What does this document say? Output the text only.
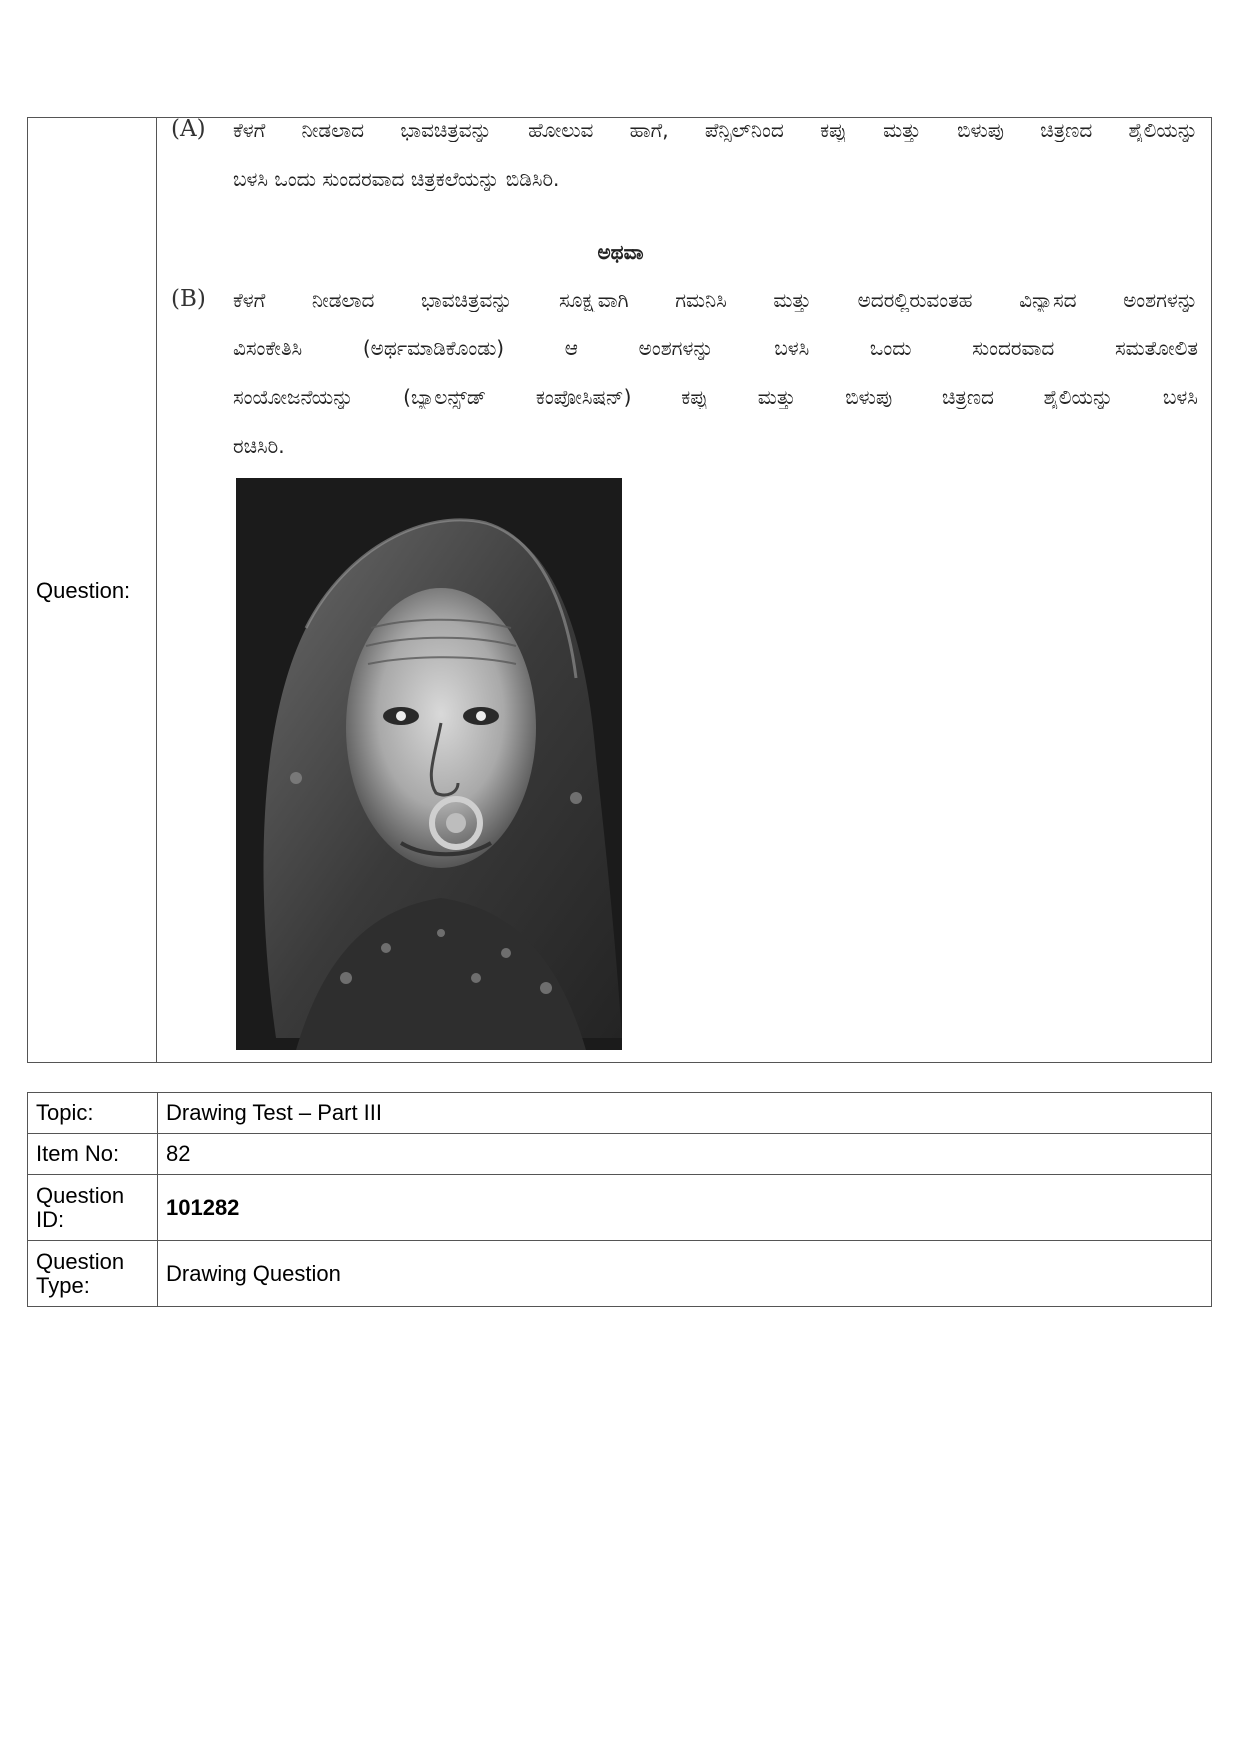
Question:
(A) ಕೆಳಗೆ ನೀಡಲಾದ ಭಾವಚಿತ್ರವನ್ನು ಹೋಲುವ ಹಾಗೆ, ಪೆನ್ಸಿಲ್‌ನಿಂದ ಕಪ್ಪು ಮತ್ತು ಬಿಳುಪು ಚಿತ್ರಣದ ಶೈಲಿಯನ್ನು
ಬಳಸಿ ಒಂದು ಸುಂದರವಾದ ಚಿತ್ರಕಲೆಯನ್ನು ಬಿಡಿಸಿರಿ.
ಅಥವಾ
(B) ಕೆಳಗೆ ನೀಡಲಾದ ಭಾವಚಿತ್ರವನ್ನು ಸೂಕ್ಷ್ಮವಾಗಿ ಗಮನಿಸಿ ಮತ್ತು ಅದರಲ್ಲಿರುವಂತಹ ವಿನ್ಯಾಸದ ಅಂಶಗಳನ್ನು
ವಿಸಂಕೇತಿಸಿ	(ಅರ್ಥಮಾಡಿಕೊಂಡು)	ಆ	ಅಂಶಗಳನ್ನು	ಬಳಸಿ	ಒಂದು	ಸುಂದರವಾದ	ಸಮತೋಲಿತ
ಸಂಯೋಜನೆಯನ್ನು (ಬ್ಯಾಲನ್ಸ್‌ಡ್ ಕಂಪೋಸಿಷನ್) ಕಪ್ಪು ಮತ್ತು ಬಿಳುಪು ಚಿತ್ರಣದ ಶೈಲಿಯನ್ನು ಬಳಸಿ
ರಚಿಸಿರಿ.
Topic:	Drawing Test – Part III
Item No:	82
Question
ID:	101282
Question
Type:	Drawing Question
